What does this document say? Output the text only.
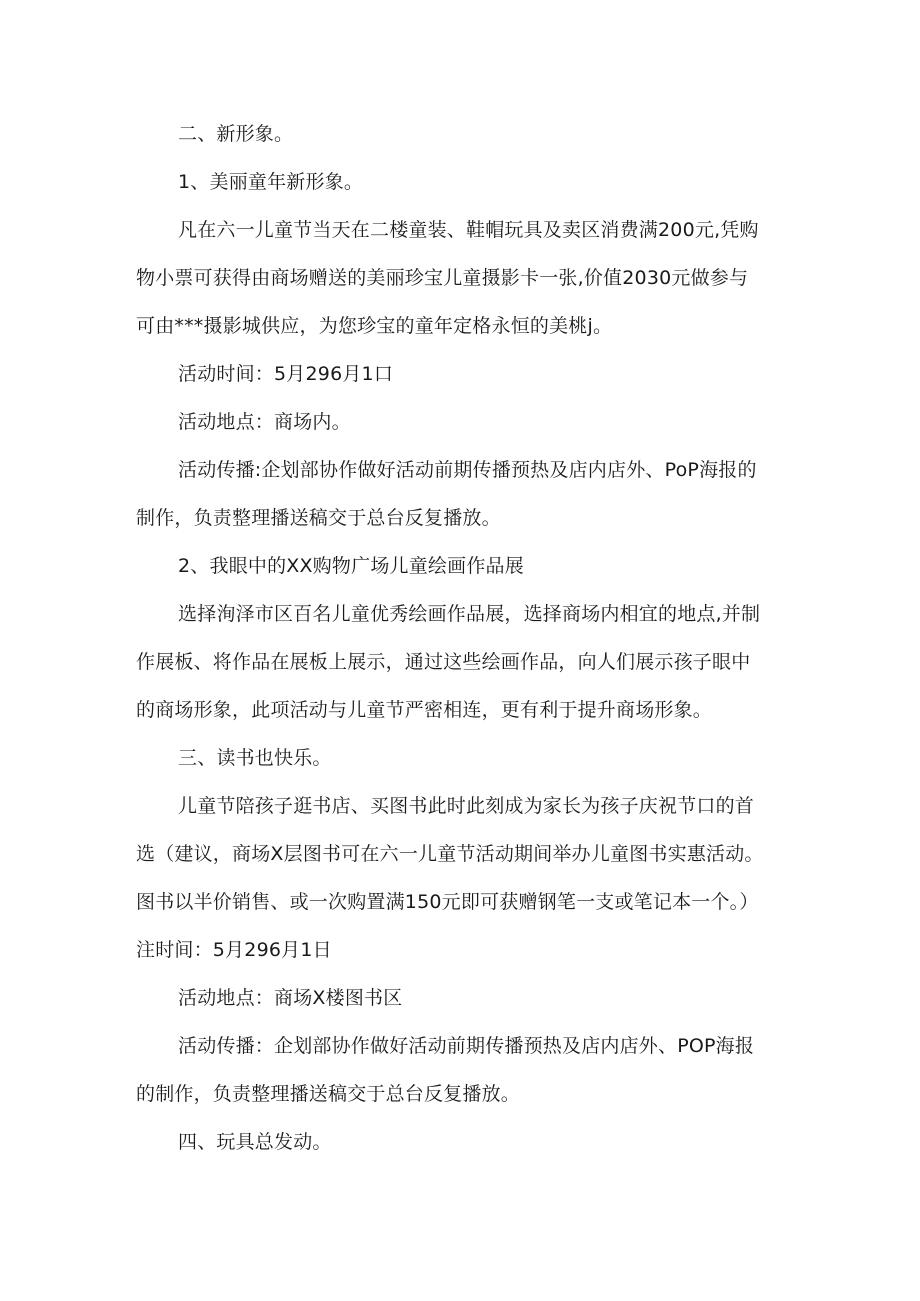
二、新形象。
1、美丽童年新形象。
凡在六一儿童节当天在二楼童装、鞋帽玩具及卖区消费满200元,凭购
物小票可获得由商场赠送的美丽珍宝儿童摄影卡一张,价值2030元做参与
可由***摄影城供应，为您珍宝的童年定格永恒的美桃j。
活动时间：5月296月1口
活动地点：商场内。
活动传播:企划部协作做好活动前期传播预热及店内店外、PoP海报的
制作，负责整理播送稿交于总台反复播放。
2、我眼中的XX购物广场儿童绘画作品展
选择洵泽市区百名儿童优秀绘画作品展，选择商场内相宜的地点,并制
作展板、将作品在展板上展示，通过这些绘画作品，向人们展示孩子眼中
的商场形象，此项活动与儿童节严密相连，更有利于提升商场形象。
三、读书也快乐。
儿童节陪孩子逛书店、买图书此时此刻成为家长为孩子庆祝节口的首
选（建议，商场X层图书可在六一儿童节活动期间举办儿童图书实惠活动。
图书以半价销售、或一次购置满150元即可获赠钢笔一支或笔记本一个。）
注时间：5月296月1日
活动地点：商场X楼图书区
活动传播：企划部协作做好活动前期传播预热及店内店外、POP海报
的制作，负责整理播送稿交于总台反复播放。
四、玩具总发动。
